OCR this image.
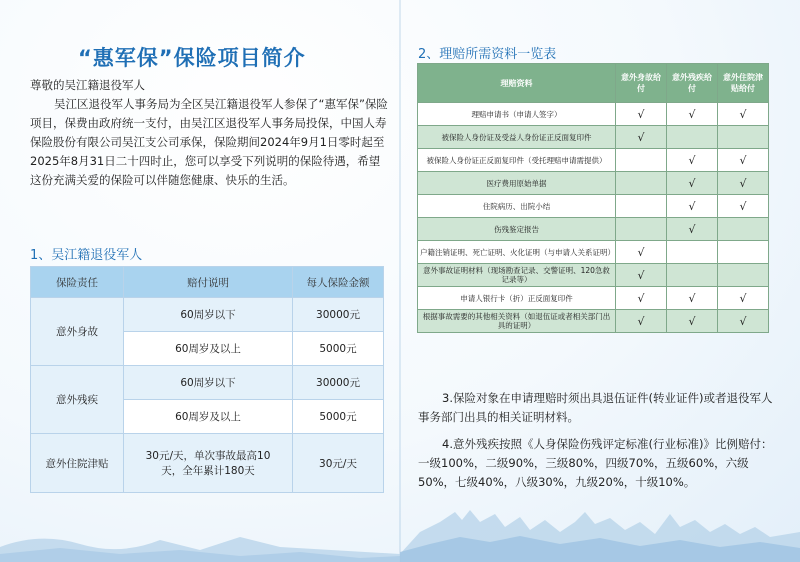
“惠军保”保险项目简介
尊敬的吴江籍退役军人
吴江区退役军人事务局为全区吴江籍退役军人参保了“惠军保”保险项目，保费由政府统一支付，由吴江区退役军人事务局投保，中国人寿保险股份有限公司吴江支公司承保，保险期间2024年9月1日零时起至2025年8月31日二十四时止，您可以享受下列说明的保险待遇，希望这份充满关爱的保险可以伴随您健康、快乐的生活。
1、吴江籍退役军人
保险责任	赔付说明	每人保险金额
意外身故	60周岁以下	30000元
	60周岁及以上	5000元
意外残疾	60周岁以下	30000元
	60周岁及以上	5000元
意外住院津贴	30元/天，单次事故最高10天，全年累计180天	30元/天
2、理赔所需资料一览表
理赔资料	意外身故给付	意外残疾给付	意外住院津贴给付
理赔申请书（申请人签字）	√	√	√
被保险人身份证及受益人身份证正反面复印件	√		
被保险人身份证正反面复印件（受托理赔申请需提供）		√	√
医疗费用原始单据		√	√
住院病历、出院小结		√	√
伤残鉴定报告		√	
户籍注销证明、死亡证明、火化证明（与申请人关系证明）	√		
意外事故证明材料（现场勘查记录、交警证明、120急救记录等）	√		
申请人银行卡（折）正反面复印件	√	√	√
根据事故需要的其他相关资料（如退伍证或者相关部门出具的证明）	√	√	√
3.保险对象在申请理赔时须出具退伍证件(转业证件)或者退役军人事务部门出具的相关证明材料。
4.意外残疾按照《人身保险伤残评定标准(行业标准)》比例赔付：一级100%，二级90%，三级80%，四级70%，五级60%，六级50%，七级40%，八级30%，九级20%，十级10%。
